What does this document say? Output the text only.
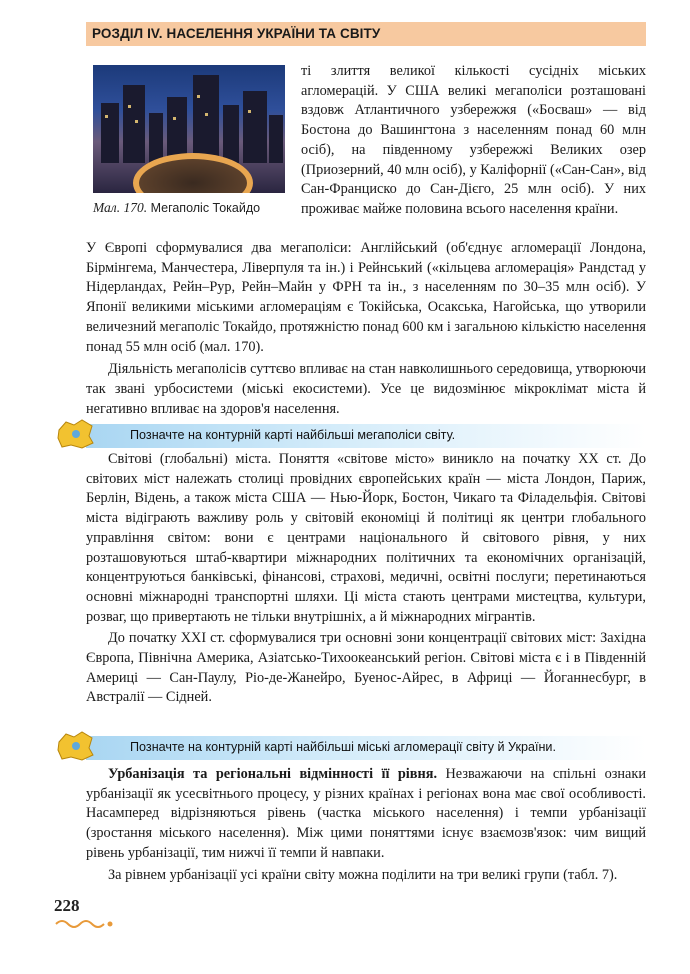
РОЗДІЛ IV. НАСЕЛЕННЯ УКРАЇНИ ТА СВІТУ
Мал. 170. Мегаполіс Токайдо

ті злиття великої кількості сусідніх міських агломерацій. У США великі мегаполіси розташовані вздовж Атлантичного узбережжя («Босваш» — від Бостона до Вашингтона з населенням понад 60 млн осіб), на південному узбережжі Великих озер (Приозерний, 40 млн осіб), у Каліфорнії («Сан-Сан», від Сан-Франциско до Сан-Дієго, 25 млн осіб). У них проживає майже половина всього населення країни.

У Європі сформувалися два мегаполіси: Англійський (об'єднує агломерації Лондона, Бірмінгема, Манчестера, Ліверпуля та ін.) і Рейнський («кільцева агломерація» Рандстад у Нідерландах, Рейн–Рур, Рейн–Майн у ФРН та ін., з населенням по 30–35 млн осіб). У Японії великими міськими агломераціям є Токійська, Осакська, Нагойська, що утворили величезний мегаполіс Токайдо, протяжністю понад 600 км і загальною кількістю населення понад 55 млн осіб (мал. 170).

Діяльність мегаполісів суттєво впливає на стан навколишнього середовища, утворюючи так звані урбосистеми (міські екосистеми). Усе це видозмінює мікроклімат міста й негативно впливає на здоров'я населення.

Позначте на контурній карті найбільші мегаполіси світу.

Світові (глобальні) міста. Поняття «світове місто» виникло на початку ХХ ст. До світових міст належать столиці провідних європейських країн — міста Лондон, Париж, Берлін, Відень, а також міста США — Нью-Йорк, Бостон, Чикаго та Філадельфія. Світові міста відіграють важливу роль у світовій економіці й політиці як центри глобального управління світом: вони є центрами національного й світового рівня, у них розташовуються штаб-квартири міжнародних політичних та економічних організацій, концентруються банківські, фінансові, страхові, медичні, освітні послуги; перетинаються основні міжнародні транспортні шляхи. Ці міста стають центрами мистецтва, культури, розваг, що привертають не тільки внутрішніх, а й міжнародних мігрантів.

До початку ХХІ ст. сформувалися три основні зони концентрації світових міст: Західна Європа, Північна Америка, Азіатсько-Тихоокеанський регіон. Світові міста є і в Південній Америці — Сан-Паулу, Ріо-де-Жанейро, Буенос-Айрес, в Африці — Йоганнесбург, в Австралії — Сідней.

Позначте на контурній карті найбільші міські агломерації світу й України.

Урбанізація та регіональні відмінності її рівня. Незважаючи на спільні ознаки урбанізації як усесвітнього процесу, у різних країнах і регіонах вона має свої особливості. Насамперед відрізняються рівень (частка міського населення) і темпи урбанізації (зростання міського населення). Між цими поняттями існує взаємозв'язок: чим вищий рівень урбанізації, тим нижчі її темпи й навпаки.

За рівнем урбанізації усі країни світу можна поділити на три великі групи (табл. 7).

228
